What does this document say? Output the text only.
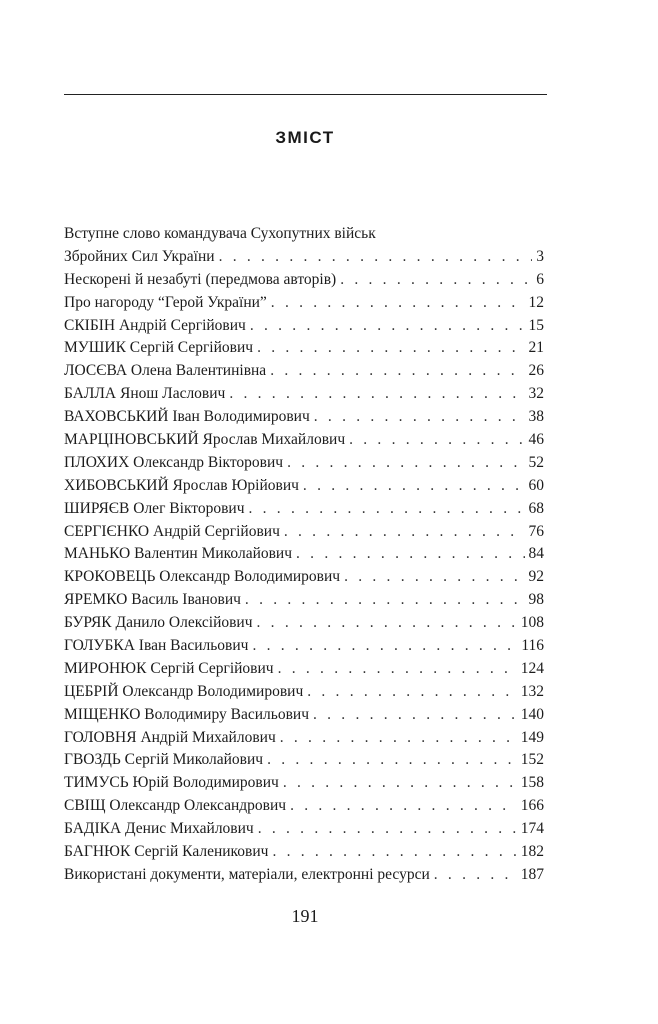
ЗМІСТ
Вступне слово командувача Сухопутних військ
Збройних Сил України . . .	3
Нескорені й незабуті (передмова авторів) . . .	6
Про нагороду “Герой України” . . .	12
СКІБІН Андрій Сергійович . . .	15
МУШИК Сергій Сергійович . . .	21
ЛОСЄВА Олена Валентинівна . . .	26
БАЛЛА Янош Ласлович . . .	32
ВАХОВСЬКИЙ Іван Володимирович . . .	38
МАРЦІНОВСЬКИЙ Ярослав Михайлович . . .	46
ПЛОХИХ Олександр Вікторович . . .	52
ХИБОВСЬКИЙ Ярослав Юрійович . . .	60
ШИРЯЄВ Олег Вікторович . . .	68
СЕРГІЄНКО Андрій Сергійович . . .	76
МАНЬКО Валентин Миколайович . . .	84
КРОКОВЕЦЬ Олександр Володимирович . . .	92
ЯРЕМКО Василь Іванович . . .	98
БУРЯК Данило Олексійович . . .	108
ГОЛУБКА Іван Васильович . . .	116
МИРОНЮК Сергій Сергійович . . .	124
ЦЕБРІЙ Олександр Володимирович . . .	132
МІЩЕНКО Володимиру Васильович . . .	140
ГОЛОВНЯ Андрій Михайлович . . .	149
ГВОЗДЬ Сергій Миколайович . . .	152
ТИМУСЬ Юрій Володимирович . . .	158
СВІЩ Олександр Олександрович . . .	166
БАДІКА Денис Михайлович . . .	174
БАГНЮК Сергій Каленикович . . .	182
Використані документи, матеріали, електронні ресурси . . .	187
191
